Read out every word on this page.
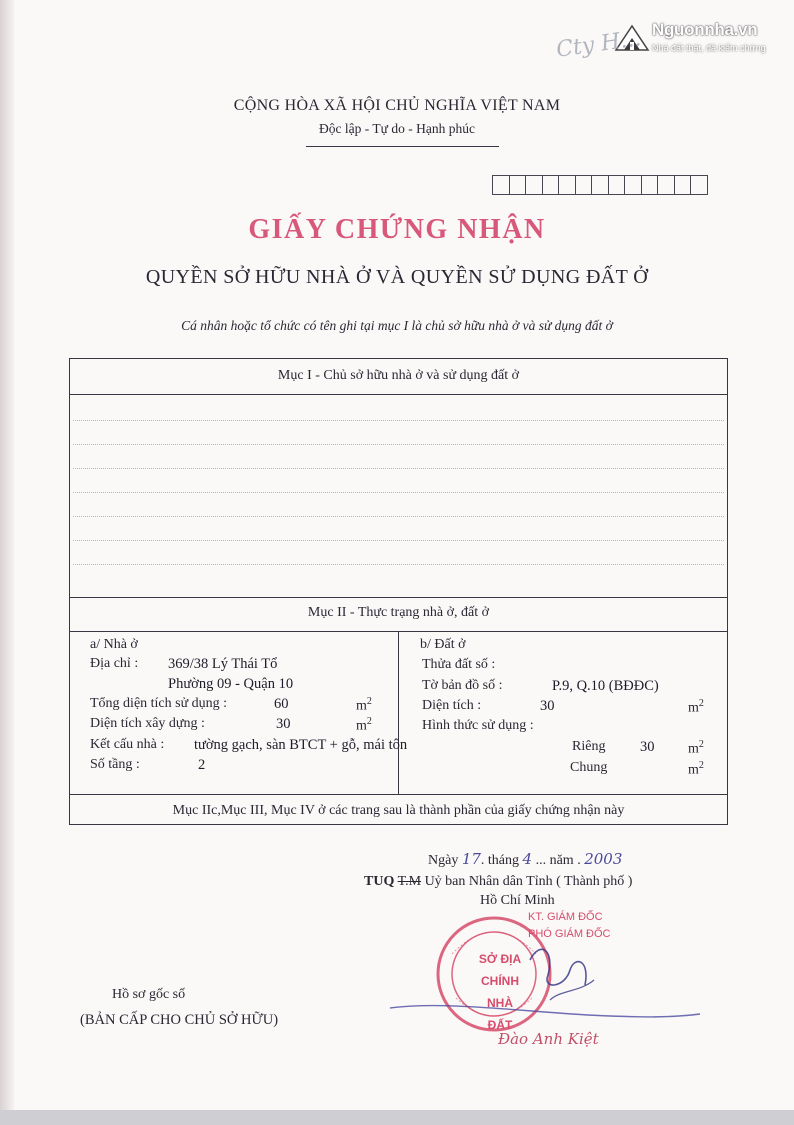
Nguonnha.vn
Nhà đất thật, đã kiểm chứng
Cty H...
CỘNG HÒA XÃ HỘI CHỦ NGHĨA VIỆT NAM
Độc lập - Tự do - Hạnh phúc
GIẤY CHỨNG NHẬN
QUYỀN SỞ HỮU NHÀ Ở VÀ QUYỀN SỬ DỤNG ĐẤT Ở
Cá nhân hoặc tổ chức có tên ghi tại mục I là chủ sở hữu nhà ở và sử dụng đất ở
Mục I - Chủ sở hữu nhà ở và sử dụng đất ở
Mục II - Thực trạng nhà ở, đất ở
a/ Nhà ở
Địa chỉ : 369/38 Lý Thái Tổ
Phường 09 - Quận 10
Tổng diện tích sử dụng :	60	$m^2$
Diện tích xây dựng :	30	$m^2$
Kết cấu nhà : tường gạch, sàn BTCT + gỗ, mái tôn
Số tầng :	2
b/ Đất ở
Thửa đất số :
Tờ bản đồ số :	P.9, Q.10 (BĐĐC)
Diện tích :	30	$m^2$
Hình thức sử dụng :
Riêng 30 $m^2$
Chung	$m^2$
Mục IIc,Mục III, Mục IV ở các trang sau là thành phần của giấy chứng nhận này
Ngày 17. tháng 4 ... năm . 2003
TUQ T.M Uỷ ban Nhân dân Tỉnh ( Thành phố )
Hồ Chí Minh
KT. GIÁM ĐỐC
PHÓ GIÁM ĐỐC
SỞ ĐỊA CHÍNH NHÀ ĐẤT
Đào Anh Kiệt
Hồ sơ gốc số
(BẢN CẤP CHO CHỦ SỞ HỮU)
